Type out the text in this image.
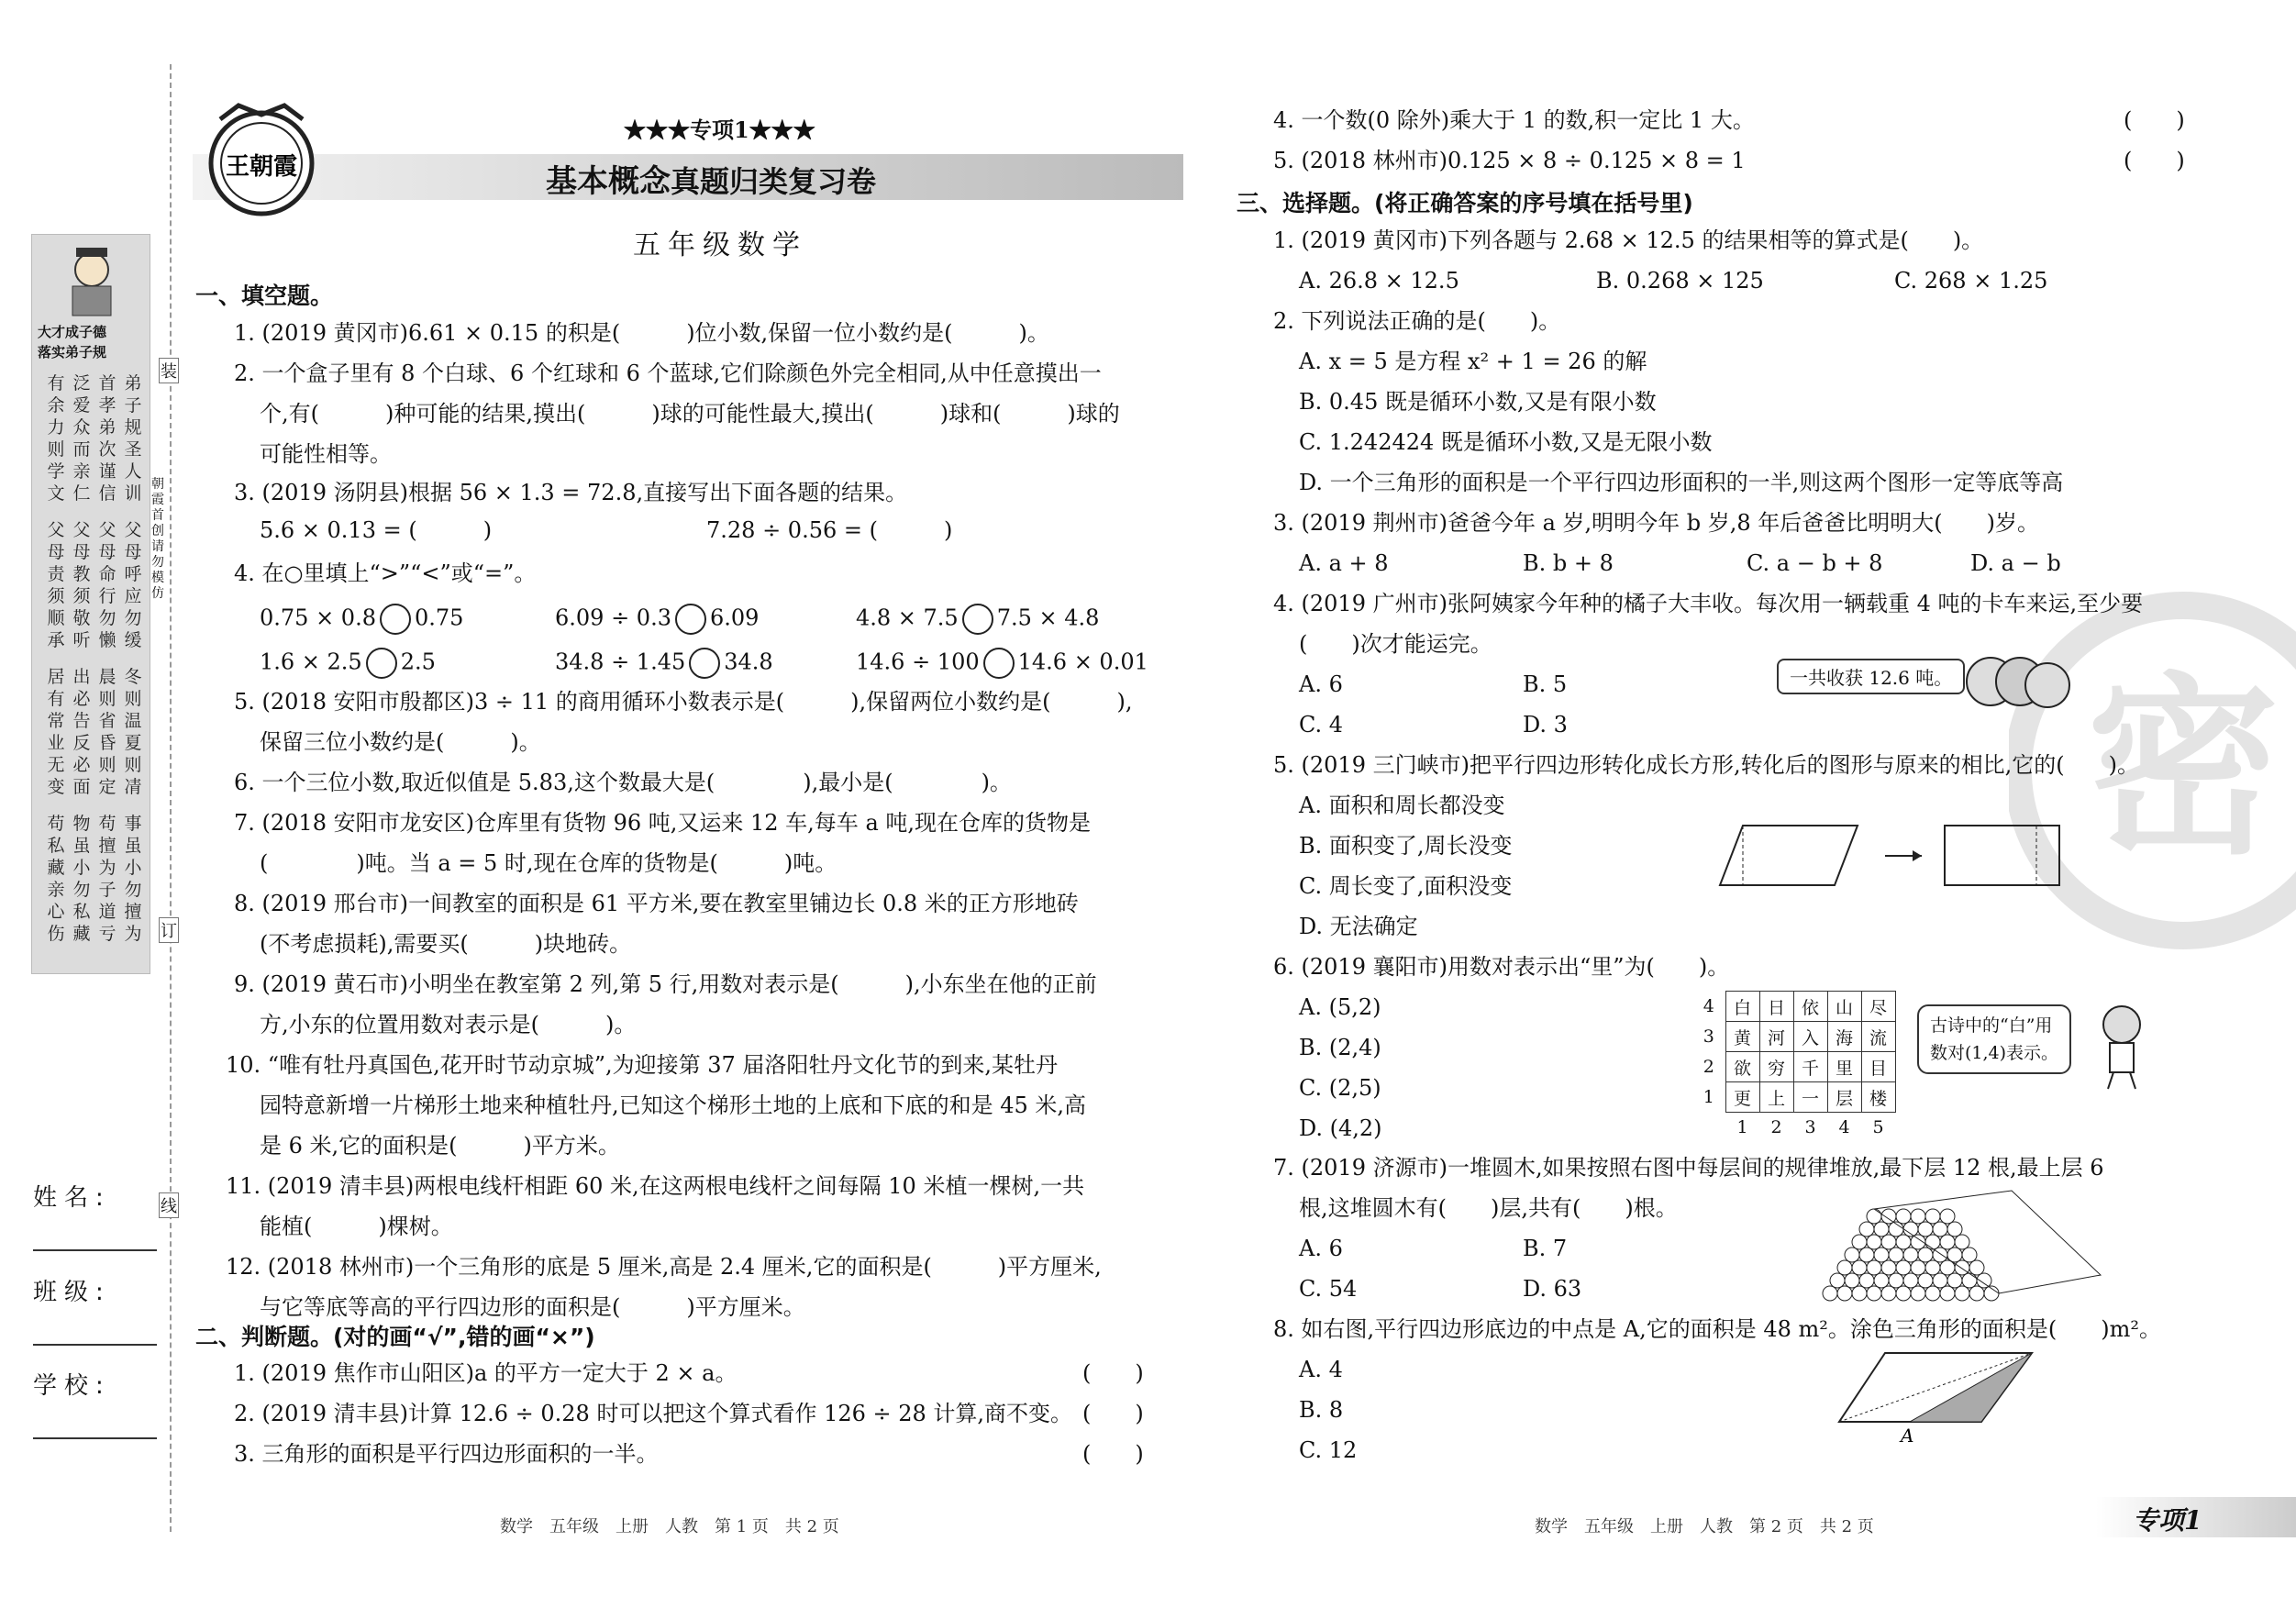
大才成子德
落实弟子规
弟子规圣人训
首孝弟次谨信
泛爱众而亲仁
有余力则学文
父母呼应勿缓
父母命行勿懒
父母教须敬听
父母责须顺承
冬则温夏则凊
晨则省昏则定
出必告反必面
居有常业无变
事虽小勿擅为
苟擅为子道亏
物虽小勿私藏
苟私藏亲心伤
装
朝霞首创 请勿模仿
订
线
姓名:
班级:
学校:
王朝霞
★★★专项1★★★
基本概念真题归类复习卷
五年级数学
一、填空题。
1. (2019 黄冈市)6.61 × 0.15 的积是(　　　)位小数,保留一位小数约是(　　　)。
2. 一个盒子里有 8 个白球、6 个红球和 6 个蓝球,它们除颜色外完全相同,从中任意摸出一
个,有(　　　)种可能的结果,摸出(　　　)球的可能性最大,摸出(　　　)球和(　　　)球的
可能性相等。
3. (2019 汤阴县)根据 56 × 1.3 = 72.8,直接写出下面各题的结果。
5.6 × 0.13 = (　　　)	7.28 ÷ 0.56 = (　　　)
4. 在○里填上“>”“<”或“=”。
0.75 × 0.8 0.75	6.09 ÷ 0.3 6.09	4.8 × 7.5 7.5 × 4.8
1.6 × 2.5 2.5	34.8 ÷ 1.45 34.8	14.6 ÷ 100 14.6 × 0.01
5. (2018 安阳市殷都区)3 ÷ 11 的商用循环小数表示是(　　　),保留两位小数约是(　　　),
保留三位小数约是(　　　)。
6. 一个三位小数,取近似值是 5.83,这个数最大是(　　　　),最小是(　　　　)。
7. (2018 安阳市龙安区)仓库里有货物 96 吨,又运来 12 车,每车 a 吨,现在仓库的货物是
(　　　　)吨。当 a = 5 时,现在仓库的货物是(　　　)吨。
8. (2019 邢台市)一间教室的面积是 61 平方米,要在教室里铺边长 0.8 米的正方形地砖
(不考虑损耗),需要买(　　　)块地砖。
9. (2019 黄石市)小明坐在教室第 2 列,第 5 行,用数对表示是(　　　),小东坐在他的正前
方,小东的位置用数对表示是(　　　)。
10. “唯有牡丹真国色,花开时节动京城”,为迎接第 37 届洛阳牡丹文化节的到来,某牡丹
园特意新增一片梯形土地来种植牡丹,已知这个梯形土地的上底和下底的和是 45 米,高
是 6 米,它的面积是(　　　)平方米。
11. (2019 清丰县)两根电线杆相距 60 米,在这两根电线杆之间每隔 10 米植一棵树,一共
能植(　　　)棵树。
12. (2018 林州市)一个三角形的底是 5 厘米,高是 2.4 厘米,它的面积是(　　　)平方厘米,
与它等底等高的平行四边形的面积是(　　　)平方厘米。
二、判断题。(对的画“√”,错的画“×”)
1. (2019 焦作市山阳区)a 的平方一定大于 2 × a。	(　　)
2. (2019 清丰县)计算 12.6 ÷ 0.28 时可以把这个算式看作 126 ÷ 28 计算,商不变。 (　　)
3. 三角形的面积是平行四边形面积的一半。	(　　)
数学　五年级　上册　人教　第 1 页　共 2 页
密
4. 一个数(0 除外)乘大于 1 的数,积一定比 1 大。	(　　)
5. (2018 林州市)0.125 × 8 ÷ 0.125 × 8 = 1	(　　)
三、选择题。(将正确答案的序号填在括号里)
1. (2019 黄冈市)下列各题与 2.68 × 12.5 的结果相等的算式是(　　)。
A. 26.8 × 12.5	B. 0.268 × 125	C. 268 × 1.25
2. 下列说法正确的是(　　)。
A. x = 5 是方程 x² + 1 = 26 的解
B. 0.45 既是循环小数,又是有限小数
C. 1.242424 既是循环小数,又是无限小数
D. 一个三角形的面积是一个平行四边形面积的一半,则这两个图形一定等底等高
3. (2019 荆州市)爸爸今年 a 岁,明明今年 b 岁,8 年后爸爸比明明大(　　)岁。
A. a + 8	B. b + 8	C. a − b + 8	D. a − b
4. (2019 广州市)张阿姨家今年种的橘子大丰收。每次用一辆载重 4 吨的卡车来运,至少要
(　　)次才能运完。
A. 6	B. 5
C. 4	D. 3
5. (2019 三门峡市)把平行四边形转化成长方形,转化后的图形与原来的相比,它的(　　)。
A. 面积和周长都没变
B. 面积变了,周长没变
C. 周长变了,面积没变
D. 无法确定
6. (2019 襄阳市)用数对表示出“里”为(　　)。
A. (5,2)
B. (2,4)
C. (2,5)
D. (4,2)
7. (2019 济源市)一堆圆木,如果按照右图中每层间的规律堆放,最下层 12 根,最上层 6
根,这堆圆木有(　　)层,共有(　　)根。
A. 6	B. 7
C. 54	D. 63
8. 如右图,平行四边形底边的中点是 A,它的面积是 48 m²。涂色三角形的面积是(　　)m²。
A. 4
B. 8
C. 12
一共收获 12.6 吨。
4	白	日	依	山	尽
3	黄	河	入	海	流
2	欲	穷	千	里	目
1	更	上	一	层	楼
	1	2	3	4	5
古诗中的“白”用
数对(1,4)表示。
A
数学　五年级　上册　人教　第 2 页　共 2 页	专项1
